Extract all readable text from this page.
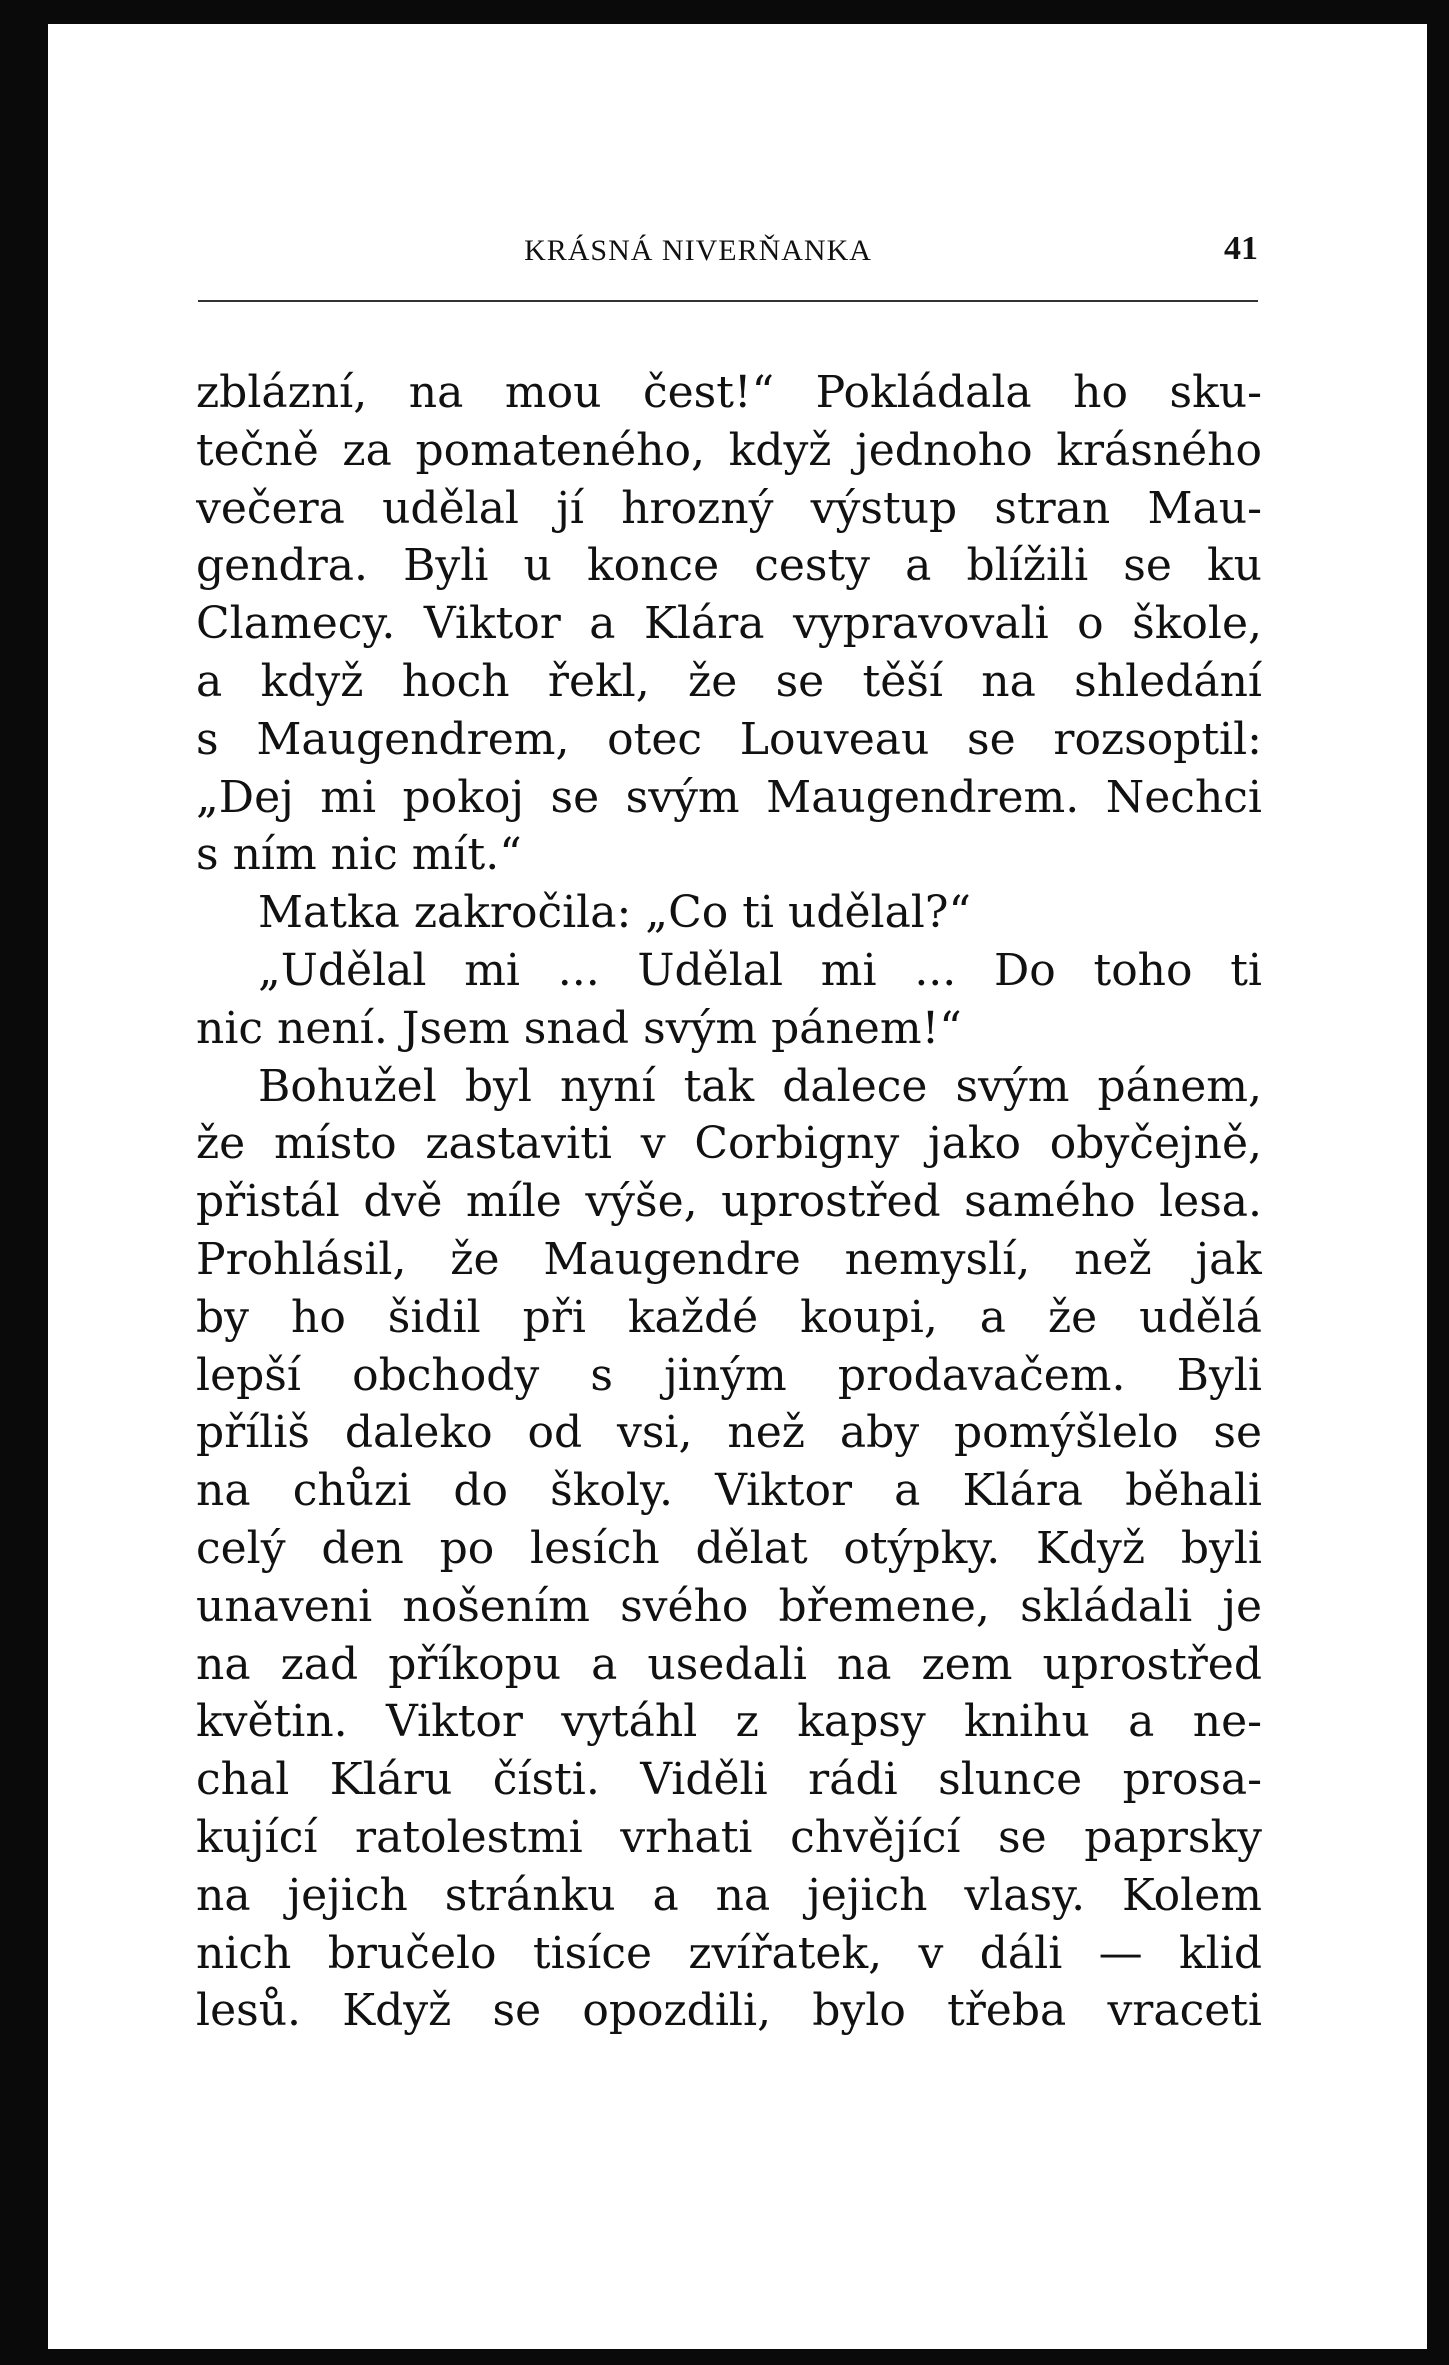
KRÁSNÁ NIVERŇANKA	41
zblázní, na mou čest!“ Pokládala ho sku-
tečně za pomateného, když jednoho krásného
večera udělal jí hrozný výstup stran Mau-
gendra. Byli u konce cesty a blížili se ku
Clamecy. Viktor a Klára vypravovali o škole,
a když hoch řekl, že se těší na shledání
s Maugendrem, otec Louveau se rozsoptil:
„Dej mi pokoj se svým Maugendrem. Nechci
s ním nic mít.“
Matka zakročila: „Co ti udělal?“
„Udělal mi ... Udělal mi ... Do toho ti
nic není. Jsem snad svým pánem!“
Bohužel byl nyní tak dalece svým pánem,
že místo zastaviti v Corbigny jako obyčejně,
přistál dvě míle výše, uprostřed samého lesa.
Prohlásil, že Maugendre nemyslí, než jak
by ho šidil při každé koupi, a že udělá
lepší obchody s jiným prodavačem. Byli
příliš daleko od vsi, než aby pomýšlelo se
na chůzi do školy. Viktor a Klára běhali
celý den po lesích dělat otýpky. Když byli
unaveni nošením svého břemene, skládali je
na zad příkopu a usedali na zem uprostřed
květin. Viktor vytáhl z kapsy knihu a ne-
chal Kláru čísti. Viděli rádi slunce prosa-
kující ratolestmi vrhati chvějící se paprsky
na jejich stránku a na jejich vlasy. Kolem
nich bručelo tisíce zvířatek, v dáli — klid
lesů. Když se opozdili, bylo třeba vraceti
